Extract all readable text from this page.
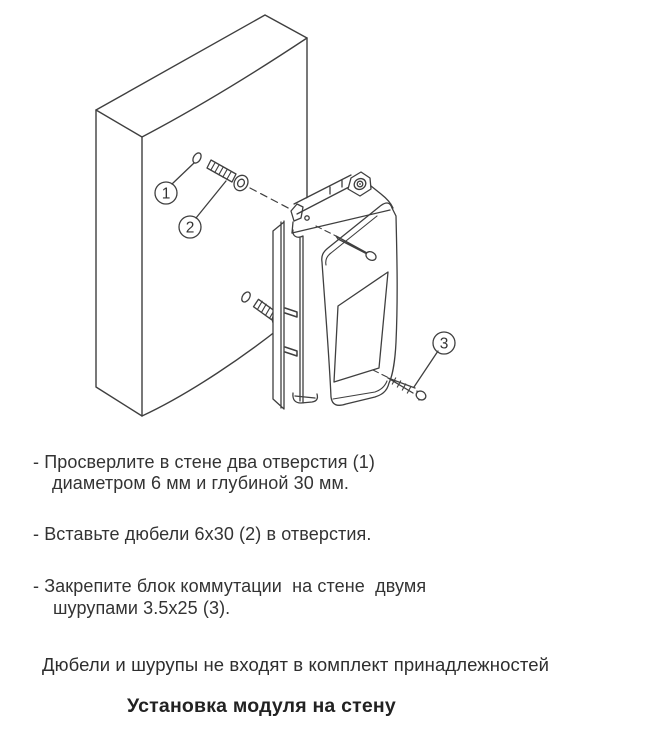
1
2
3
- Просверлите в стене два отверстия (1)
диаметром 6 мм и глубиной 30 мм.
- Вставьте дюбели 6х30 (2) в отверстия.
- Закрепите блок коммутации  на стене  двумя
шурупами 3.5х25 (3).
Дюбели и шурупы не входят в комплект принадлежностей
Установка модуля на стену
